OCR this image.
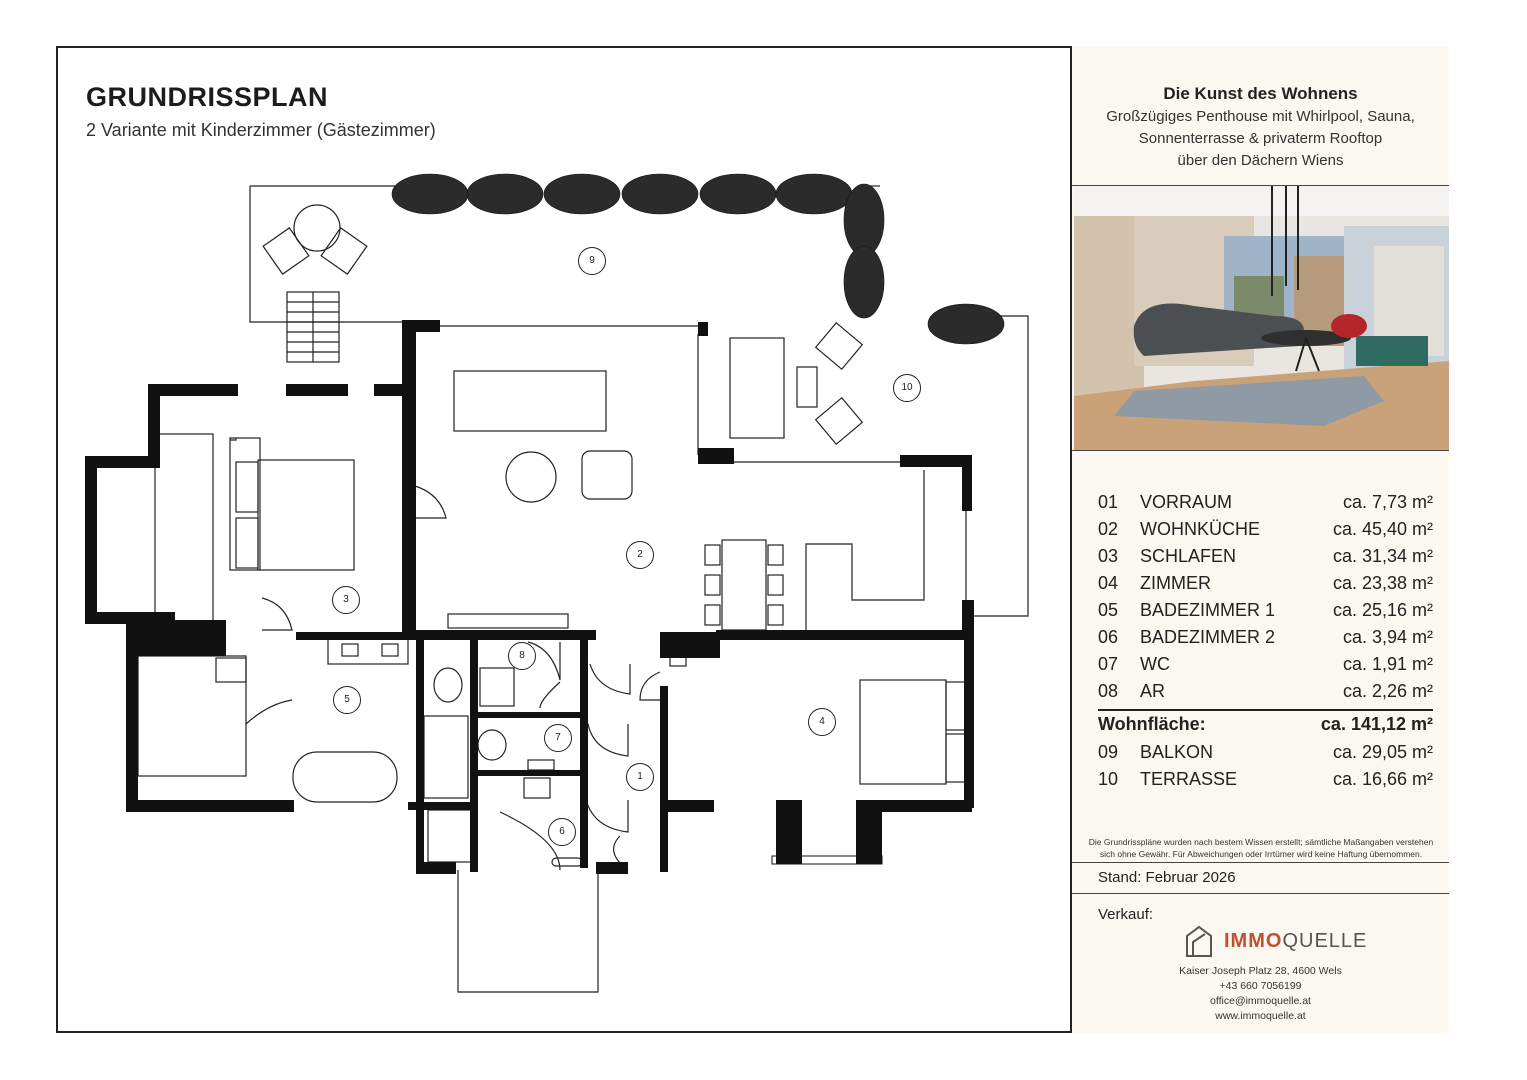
GRUNDRISSPLAN
2 Variante mit Kinderzimmer (Gästezimmer)
9
10
2
3
8
5
4
7
1
6
Die Kunst des Wohnens
Großzügiges Penthouse mit Whirlpool, Sauna,
Sonnenterrasse & privaterm Rooftop
über den Dächern Wiens
01 VORRAUM	ca. 7,73 m²
02 WOHNKÜCHE	ca. 45,40 m²
03 SCHLAFEN	ca. 31,34 m²
04 ZIMMER	ca. 23,38 m²
05 BADEZIMMER 1	ca. 25,16 m²
06 BADEZIMMER 2	ca. 3,94 m²
07 WC	ca. 1,91 m²
08 AR	ca. 2,26 m²
Wohnfläche:	ca. 141,12 m²
09 BALKON	ca. 29,05 m²
10 TERRASSE	ca. 16,66 m²
Die Grundrisspläne wurden nach bestem Wissen erstellt; sämtliche Maßangaben verstehen
sich ohne Gewähr. Für Abweichungen oder Irrtümer wird keine Haftung übernommen.
Stand: Februar 2026
Verkauf:
IMMOQUELLE
Kaiser Joseph Platz 28, 4600 Wels
+43 660 7056199
office@immoquelle.at
www.immoquelle.at
